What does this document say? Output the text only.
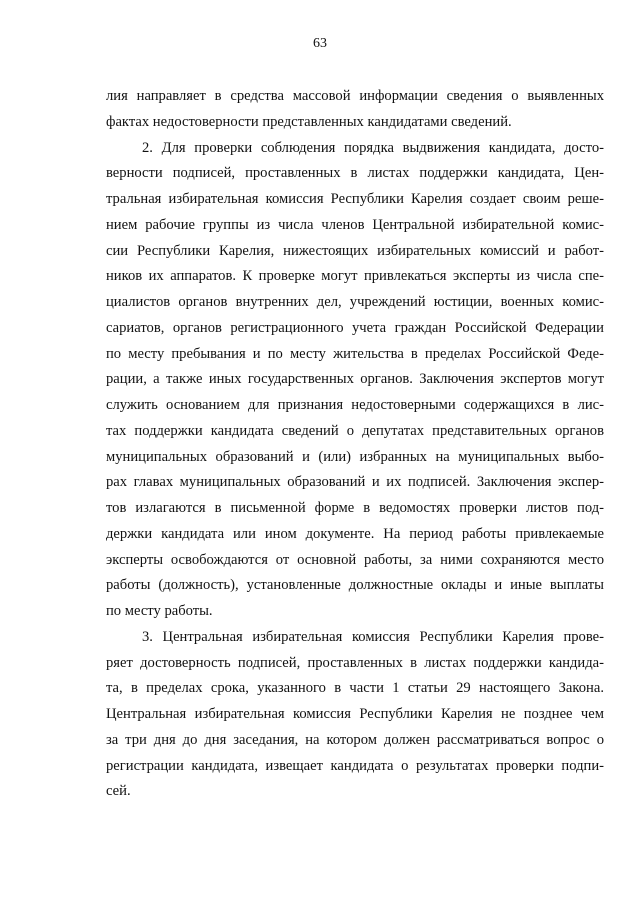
63
лия направляет в средства массовой информации сведения о выявленных
фактах недостоверности представленных кандидатами сведений.
2. Для проверки соблюдения порядка выдвижения кандидата, досто-
верности подписей, проставленных в листах поддержки кандидата, Цен-
тральная избирательная комиссия Республики Карелия создает своим реше-
нием рабочие группы из числа членов Центральной избирательной комис-
сии Республики Карелия, нижестоящих избирательных комиссий и работ-
ников их аппаратов. К проверке могут привлекаться эксперты из числа спе-
циалистов органов внутренних дел, учреждений юстиции, военных комис-
сариатов, органов регистрационного учета граждан Российской Федерации
по месту пребывания и по месту жительства в пределах Российской Феде-
рации, а также иных государственных органов. Заключения экспертов могут
служить основанием для признания недостоверными содержащихся в лис-
тах поддержки кандидата сведений о депутатах представительных органов
муниципальных образований и (или) избранных на муниципальных выбо-
рах главах муниципальных образований и их подписей. Заключения экспер-
тов излагаются в письменной форме в ведомостях проверки листов под-
держки кандидата или ином документе. На период работы привлекаемые
эксперты освобождаются от основной работы, за ними сохраняются место
работы (должность), установленные должностные оклады и иные выплаты
по месту работы.
3. Центральная избирательная комиссия Республики Карелия прове-
ряет достоверность подписей, проставленных в листах поддержки кандида-
та, в пределах срока, указанного в части 1 статьи 29 настоящего Закона.
Центральная избирательная комиссия Республики Карелия не позднее чем
за три дня до дня заседания, на котором должен рассматриваться вопрос о
регистрации кандидата, извещает кандидата о результатах проверки подпи-
сей.
